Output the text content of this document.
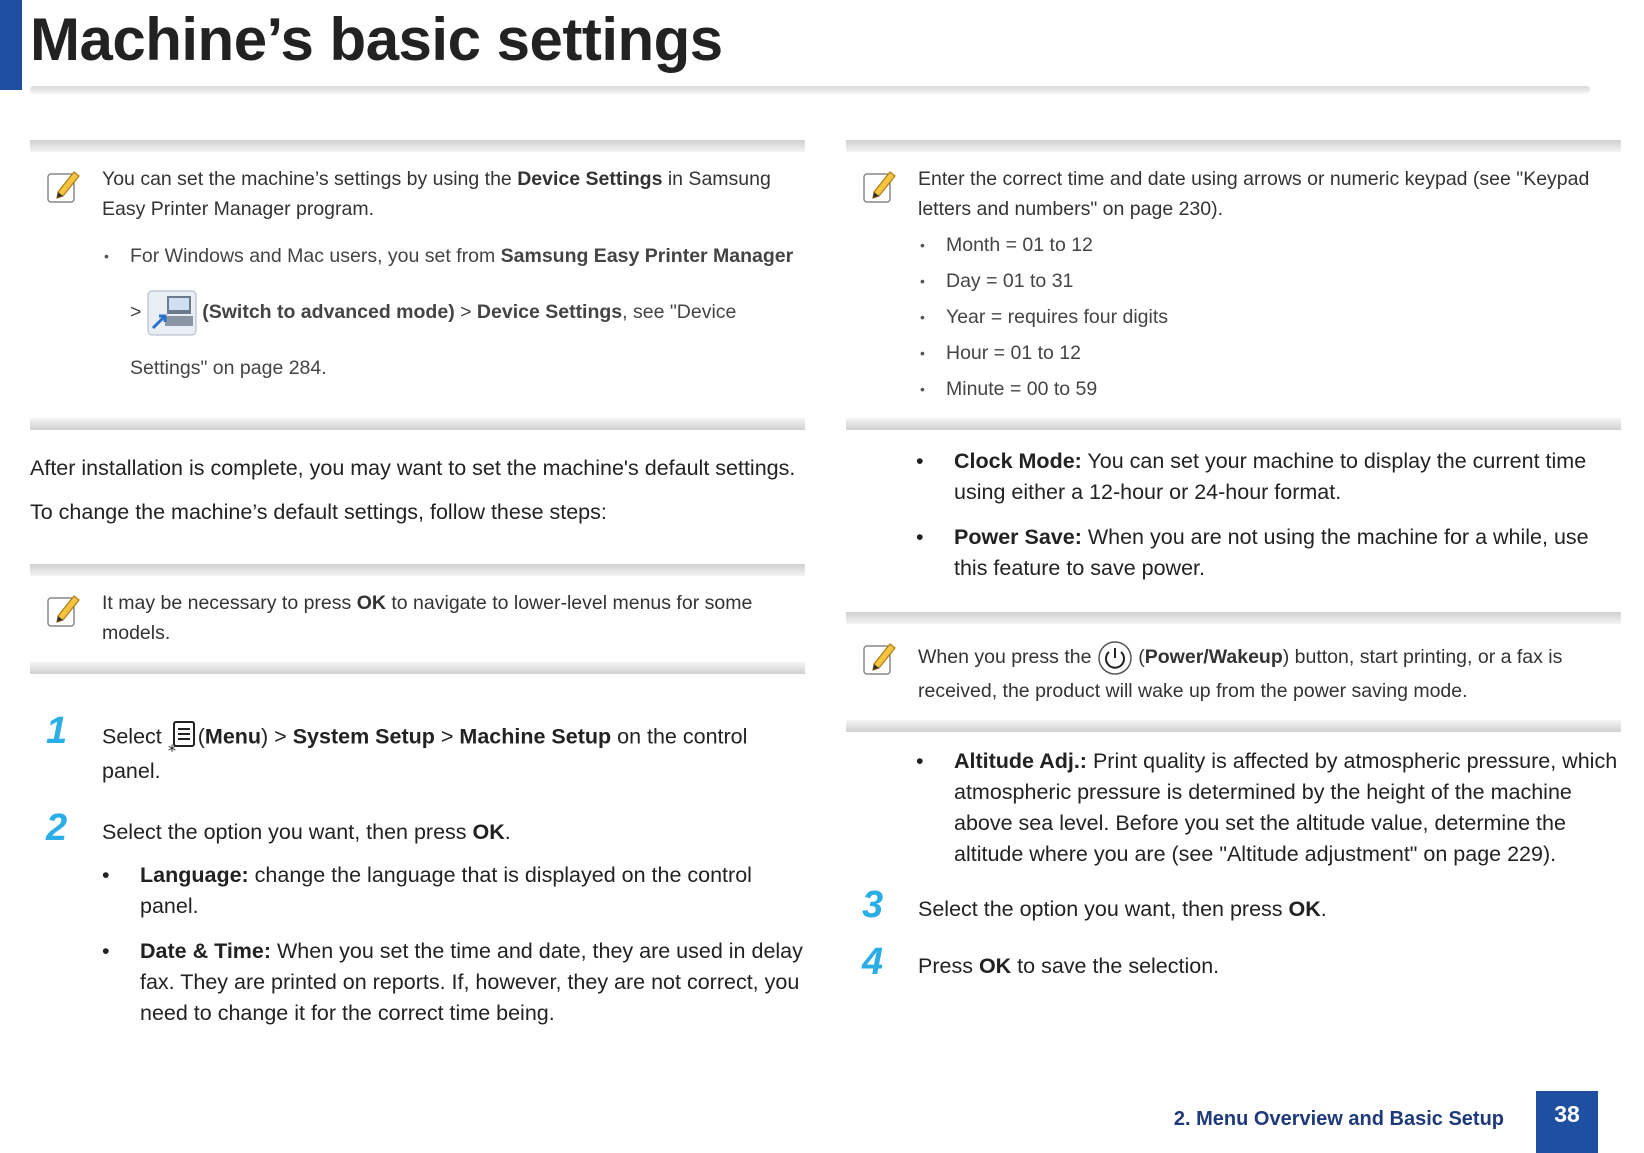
Machine’s basic settings
You can set the machine’s settings by using the Device Settings in Samsung Easy Printer Manager program.
• For Windows and Mac users, you set from Samsung Easy Printer Manager >	(Switch to advanced mode) > Device Settings, see "Device Settings" on page 284.

After installation is complete, you may want to set the machine's default settings.

To change the machine’s default settings, follow these steps:

It may be necessary to press OK to navigate to lower-level menus for some models.
1 Select
*
(Menu) > System Setup > Machine Setup on the control panel.
2 Select the option you want, then press OK.
• Language: change the language that is displayed on the control panel.
• Date & Time: When you set the time and date, they are used in delay fax. They are printed on reports. If, however, they are not correct, you need to change it for the correct time being.
Enter the correct time and date using arrows or numeric keypad (see "Keypad letters and numbers" on page 230).
• Month = 01 to 12
• Day = 01 to 31
• Year = requires four digits
• Hour = 01 to 12
• Minute = 00 to 59
• Clock Mode: You can set your machine to display the current time using either a 12-hour or 24-hour format.
• Power Save: When you are not using the machine for a while, use this feature to save power.
When you press the  (Power/Wakeup) button, start printing, or a fax is received, the product will wake up from the power saving mode.
• Altitude Adj.: Print quality is affected by atmospheric pressure, which atmospheric pressure is determined by the height of the machine above sea level. Before you set the altitude value, determine the altitude where you are (see "Altitude adjustment" on page 229).
3 Select the option you want, then press OK.
4 Press OK to save the selection.
2. Menu Overview and Basic Setup	38
